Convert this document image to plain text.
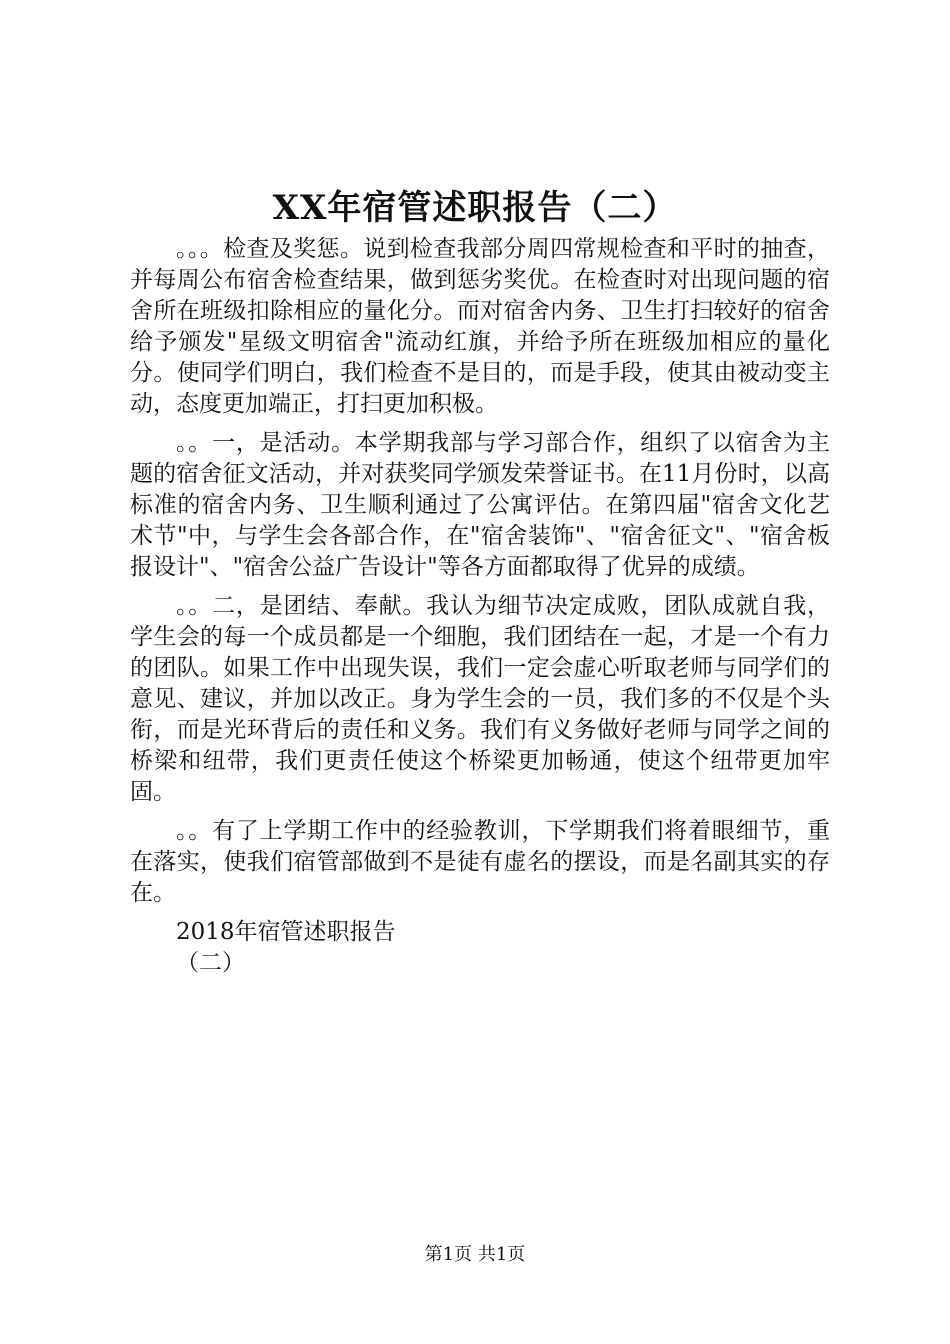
XX年宿管述职报告（二）

。。。检查及奖惩。说到检查我部分周四常规检查和平时的抽查，并每周公布宿舍检查结果，做到惩劣奖优。在检查时对出现问题的宿舍所在班级扣除相应的量化分。而对宿舍内务、卫生打扫较好的宿舍给予颁发"星级文明宿舍"流动红旗，并给予所在班级加相应的量化分。使同学们明白，我们检查不是目的，而是手段，使其由被动变主动，态度更加端正，打扫更加积极。

。。一，是活动。本学期我部与学习部合作，组织了以宿舍为主题的宿舍征文活动，并对获奖同学颁发荣誉证书。在11月份时，以高标准的宿舍内务、卫生顺利通过了公寓评估。在第四届"宿舍文化艺术节"中，与学生会各部合作，在"宿舍装饰"、"宿舍征文"、"宿舍板报设计"、"宿舍公益广告设计"等各方面都取得了优异的成绩。

。。二，是团结、奉献。我认为细节决定成败，团队成就自我，学生会的每一个成员都是一个细胞，我们团结在一起，才是一个有力的团队。如果工作中出现失误，我们一定会虚心听取老师与同学们的意见、建议，并加以改正。身为学生会的一员，我们多的不仅是个头衔，而是光环背后的责任和义务。我们有义务做好老师与同学之间的桥梁和纽带，我们更责任使这个桥梁更加畅通，使这个纽带更加牢固。

。。有了上学期工作中的经验教训，下学期我们将着眼细节，重在落实，使我们宿管部做到不是徒有虚名的摆设，而是名副其实的存在。

2018年宿管述职报告

（二）

第1页 共1页
